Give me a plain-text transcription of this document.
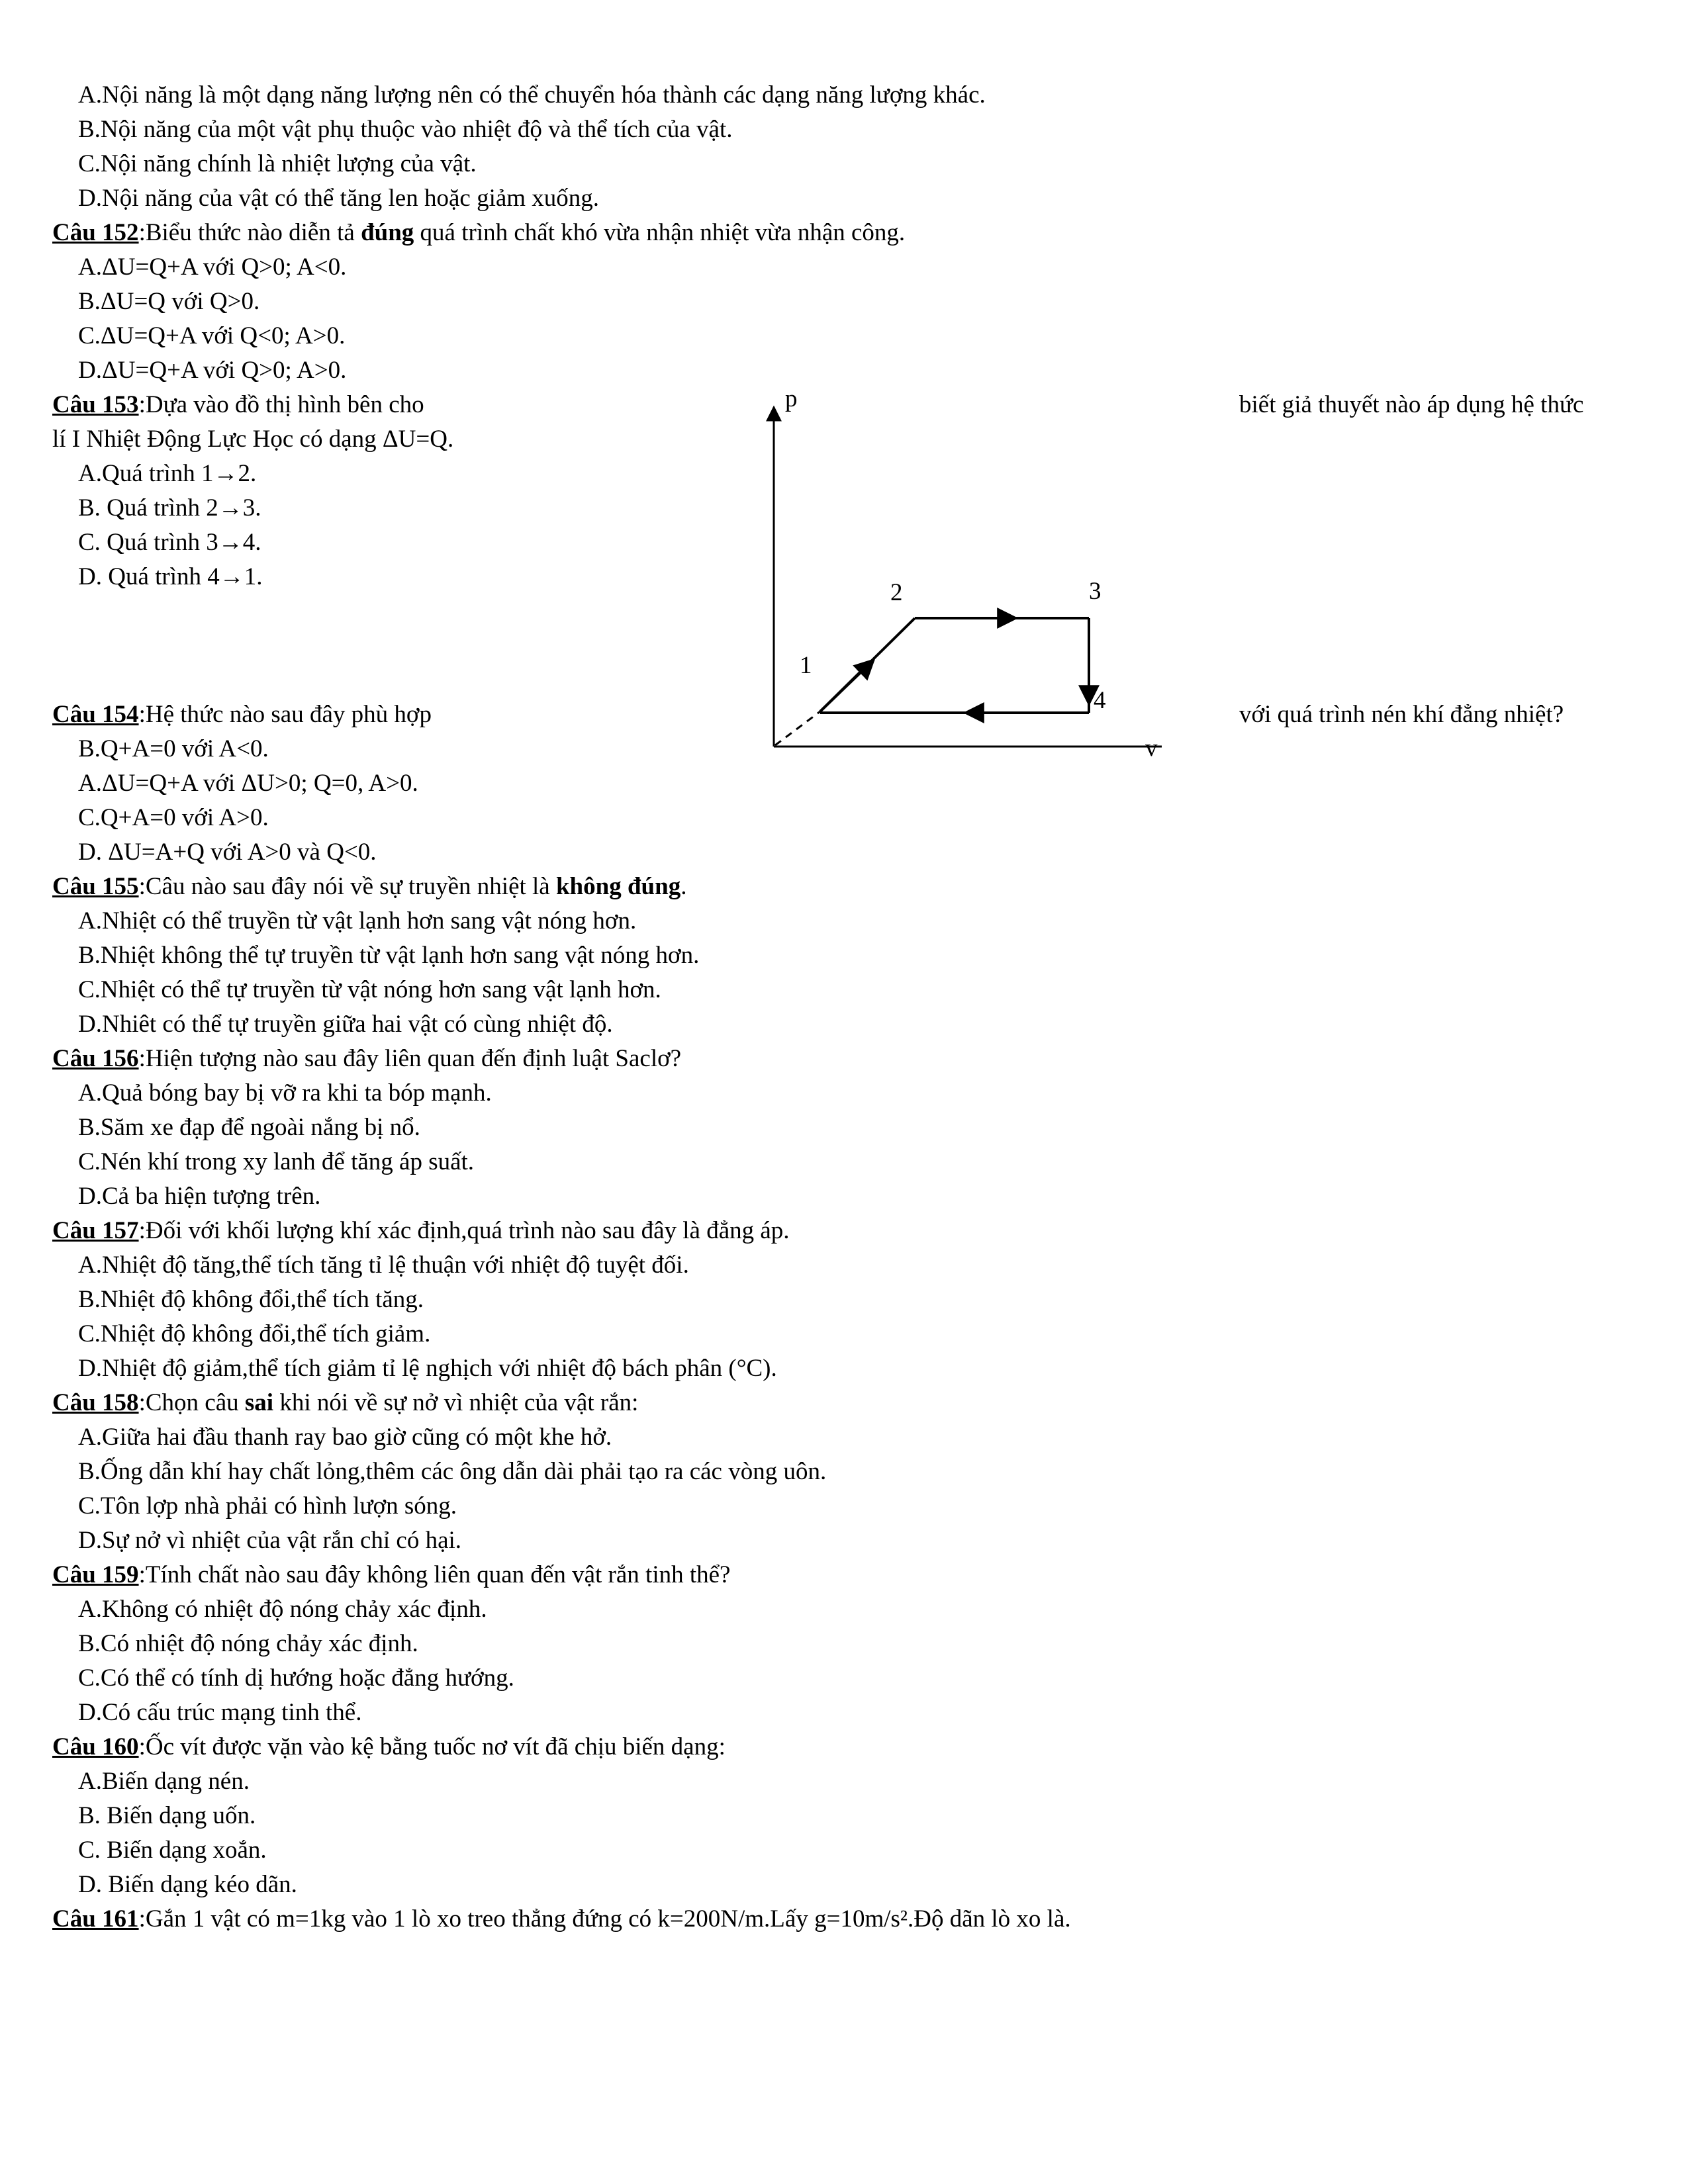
A.Nội năng là một dạng năng lượng nên có thể chuyển hóa thành các dạng năng lượng khác.
B.Nội năng của một vật phụ thuộc vào nhiệt độ và thể tích của vật.
C.Nội năng chính là nhiệt lượng của vật.
D.Nội năng của vật có thể tăng len hoặc giảm xuống.
Câu 152:Biểu thức nào diễn tả đúng quá trình chất khó vừa nhận nhiệt vừa nhận công.
A.ΔU=Q+A với Q>0; A<0.
B.ΔU=Q với Q>0.
C.ΔU=Q+A với Q<0; A>0.
D.ΔU=Q+A với Q>0; A>0.
Câu 153:Dựa vào đồ thị hình bên cho	biết giả thuyết nào áp dụng hệ thức
lí I Nhiệt Động Lực Học có dạng ΔU=Q.
A.Quá trình 1→2.
B. Quá trình 2→3.
C. Quá trình 3→4.
D. Quá trình 4→1.
Câu 154:Hệ thức nào sau đây phù hợp	với quá trình nén khí đẳng nhiệt?
B.Q+A=0 với A<0.
A.ΔU=Q+A với ΔU>0; Q=0, A>0.
C.Q+A=0 với A>0.
D. ΔU=A+Q với A>0 và Q<0.
Câu 155:Câu nào sau đây nói về sự truyền nhiệt là không đúng.
A.Nhiệt có thể truyền từ vật lạnh hơn sang vật nóng hơn.
B.Nhiệt không thể tự truyền từ vật lạnh hơn sang vật nóng hơn.
C.Nhiệt có thể tự truyền từ vật nóng hơn sang vật lạnh hơn.
D.Nhiêt có thể tự truyền giữa hai vật có cùng nhiệt độ.
Câu 156:Hiện tượng nào sau đây liên quan đến định luật Saclơ?
A.Quả bóng bay bị vỡ ra khi ta bóp mạnh.
B.Săm xe đạp để ngoài nắng bị nổ.
C.Nén khí trong xy lanh để tăng áp suất.
D.Cả ba hiện tượng trên.
Câu 157:Đối với khối lượng khí xác định,quá trình nào sau đây là đẳng áp.
A.Nhiệt độ tăng,thể tích tăng tỉ lệ thuận với nhiệt độ tuyệt đối.
B.Nhiệt độ không đổi,thể tích tăng.
C.Nhiệt độ không đổi,thể tích giảm.
D.Nhiệt độ giảm,thể tích giảm tỉ lệ nghịch với nhiệt độ bách phân (°C).
Câu 158:Chọn câu sai khi nói về sự nở vì nhiệt của vật rắn:
A.Giữa hai đầu thanh ray bao giờ cũng có một khe hở.
B.Ống dẫn khí hay chất lỏng,thêm các ông dẫn dài phải tạo ra các vòng uôn.
C.Tôn lợp nhà phải có hình lượn sóng.
D.Sự nở vì nhiệt của vật rắn chỉ có hại.
Câu 159:Tính chất nào sau đây không liên quan đến vật rắn tinh thể?
A.Không có nhiệt độ nóng chảy xác định.
B.Có nhiệt độ nóng chảy xác định.
C.Có thể có tính dị hướng hoặc đẳng hướng.
D.Có cấu trúc mạng tinh thể.
Câu 160:Ốc vít được vặn vào kệ bằng tuốc nơ vít đã chịu biến dạng:
A.Biến dạng nén.
B. Biến dạng uốn.
C. Biến dạng xoắn.
D. Biến dạng kéo dãn.
Câu 161:Gắn 1 vật có m=1kg vào 1 lò xo treo thẳng đứng có k=200N/m.Lấy g=10m/s².Độ dãn lò xo là.
p
v
1
2	3
4
